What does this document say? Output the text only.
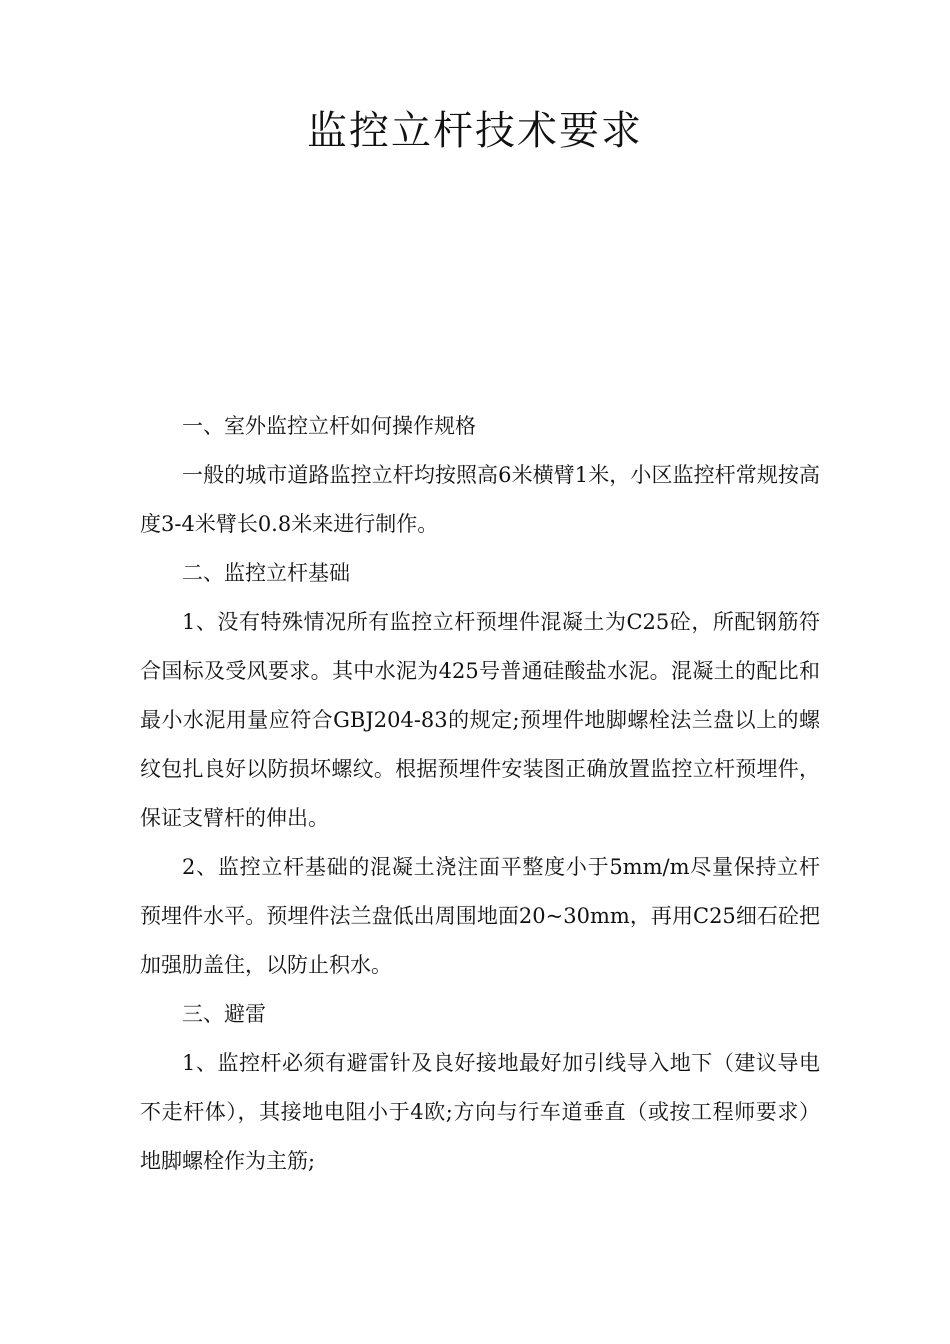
监控立杆技术要求

一、室外监控立杆如何操作规格

一般的城市道路监控立杆均按照高6米横臂1米，小区监控杆常规按高度3-4米臂长0.8米来进行制作。

二、监控立杆基础

1、没有特殊情况所有监控立杆预埋件混凝土为C25砼，所配钢筋符合国标及受风要求。其中水泥为425号普通硅酸盐水泥。混凝土的配比和最小水泥用量应符合GBJ204-83的规定;预埋件地脚螺栓法兰盘以上的螺纹包扎良好以防损坏螺纹。根据预埋件安装图正确放置监控立杆预埋件，保证支臂杆的伸出。

2、监控立杆基础的混凝土浇注面平整度小于5mm/m尽量保持立杆预埋件水平。预埋件法兰盘低出周围地面20~30mm，再用C25细石砼把加强肋盖住，以防止积水。

三、避雷

1、监控杆必须有避雷针及良好接地最好加引线导入地下（建议导电不走杆体），其接地电阻小于4欧;方向与行车道垂直（或按工程师要求）地脚螺栓作为主筋;
